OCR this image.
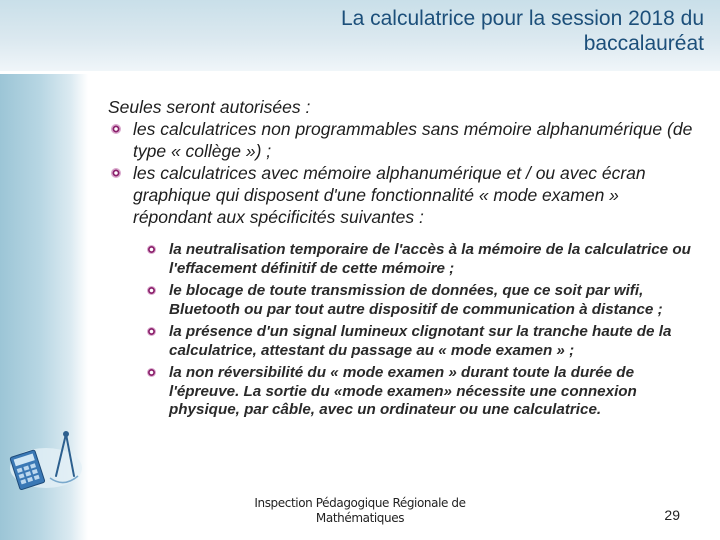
La calculatrice pour la session 2018 du
baccalauréat

Seules seront autorisées :

les calculatrices non programmables sans mémoire alphanumérique (de type « collège ») ;
les calculatrices avec mémoire alphanumérique et / ou avec écran graphique qui disposent d'une fonctionnalité « mode examen » répondant aux spécificités suivantes :
la neutralisation temporaire de l'accès à la mémoire de la calculatrice ou l'effacement définitif de cette mémoire ;
le blocage de toute transmission de données, que ce soit par wifi, Bluetooth ou par tout autre dispositif de communication à distance ;
la présence d'un signal lumineux clignotant sur la tranche haute de la calculatrice, attestant du passage au « mode examen » ;
la non réversibilité du « mode examen » durant toute la durée de l'épreuve. La sortie du «mode examen» nécessite une connexion physique, par câble, avec un ordinateur ou une calculatrice.
Inspection Pédagogique Régionale de
Mathématiques	29
